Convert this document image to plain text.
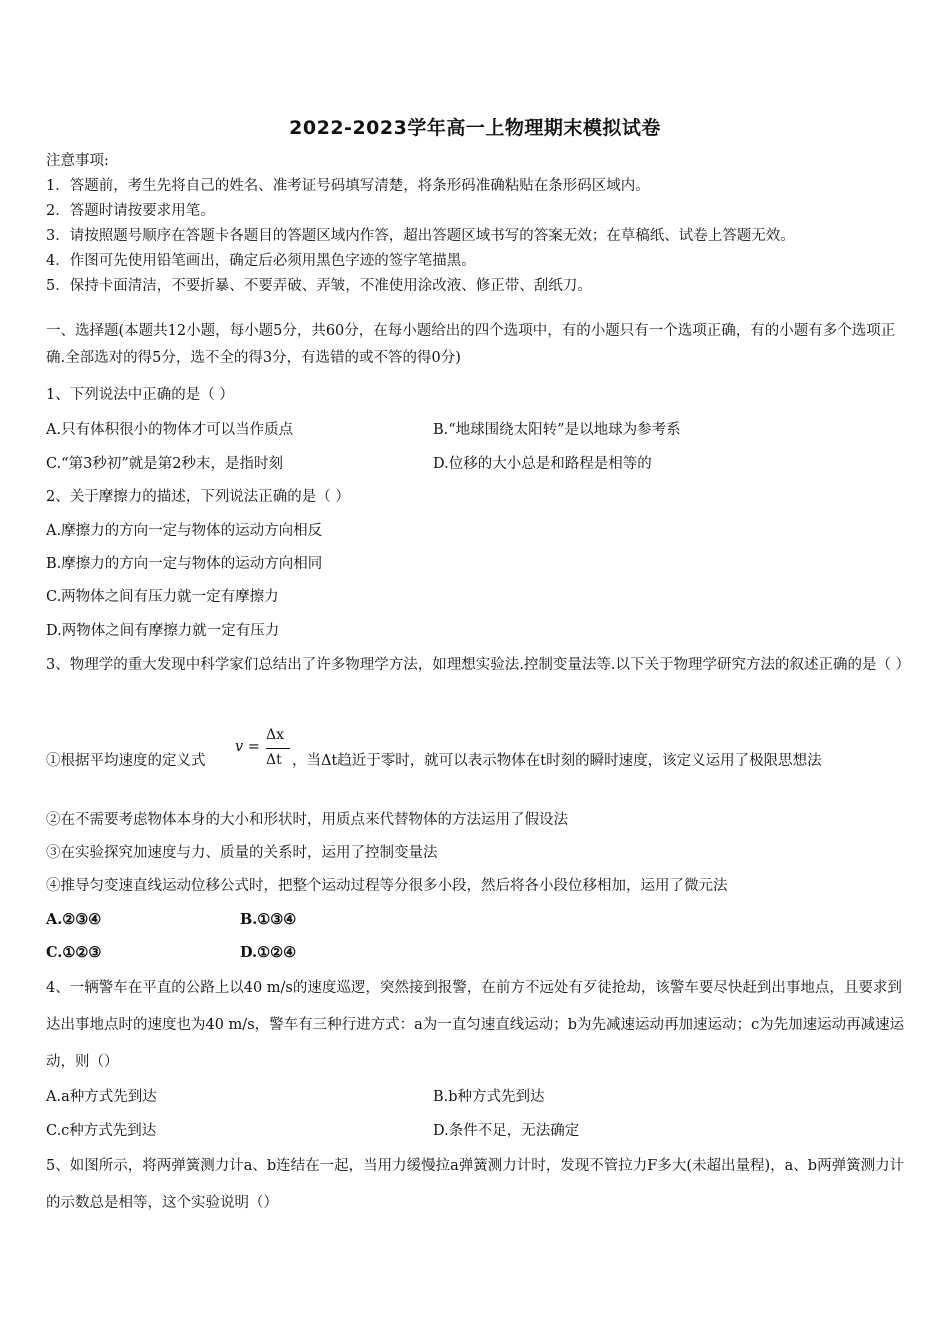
2022-2023学年高一上物理期末模拟试卷
注意事项:
1．答题前，考生先将自己的姓名、准考证号码填写清楚，将条形码准确粘贴在条形码区域内。
2．答题时请按要求用笔。
3．请按照题号顺序在答题卡各题目的答题区域内作答，超出答题区域书写的答案无效；在草稿纸、试卷上答题无效。
4．作图可先使用铅笔画出，确定后必须用黑色字迹的签字笔描黑。
5．保持卡面清洁，不要折暴、不要弄破、弄皱，不准使用涂改液、修正带、刮纸刀。
一、选择题(本题共12小题，每小题5分，共60分，在每小题给出的四个选项中，有的小题只有一个选项正确，有的小题有多个选项正确.全部选对的得5分，选不全的得3分，有选错的或不答的得0分)
1、下列说法中正确的是（ ）
A.只有体积很小的物体才可以当作质点	B.“地球围绕太阳转”是以地球为参考系
C.“第3秒初”就是第2秒末，是指时刻	D.位移的大小总是和路程是相等的
2、关于摩擦力的描述，下列说法正确的是（ ）
A.摩擦力的方向一定与物体的运动方向相反
B.摩擦力的方向一定与物体的运动方向相同
C.两物体之间有压力就一定有摩擦力
D.两物体之间有摩擦力就一定有压力
3、物理学的重大发现中科学家们总结出了许多物理学方法，如理想实验法.控制变量法等.以下关于物理学研究方法的叙述正确的是（ ）
①根据平均速度的定义式
v =
Δx
Δt ，当Δt趋近于零时，就可以表示物体在t时刻的瞬时速度，该定义运用了极限思想法
②在不需要考虑物体本身的大小和形状时，用质点来代替物体的方法运用了假设法
③在实验探究加速度与力、质量的关系时，运用了控制变量法
④推导匀变速直线运动位移公式时，把整个运动过程等分很多小段，然后将各小段位移相加，运用了微元法
A.②③④	B.①③④
C.①②③	D.①②④
4、一辆警车在平直的公路上以40 m/s的速度巡逻，突然接到报警，在前方不远处有歹徒抢劫，该警车要尽快赶到出事地点，且要求到达出事地点时的速度也为40 m/s，警车有三种行进方式：a为一直匀速直线运动；b为先减速运动再加速运动；c为先加速运动再减速运动，则（）
A.a种方式先到达	B.b种方式先到达
C.c种方式先到达	D.条件不足，无法确定
5、如图所示，将两弹簧测力计a、b连结在一起，当用力缓慢拉a弹簧测力计时，发现不管拉力F多大(未超出量程)，a、b两弹簧测力计的示数总是相等，这个实验说明（）
